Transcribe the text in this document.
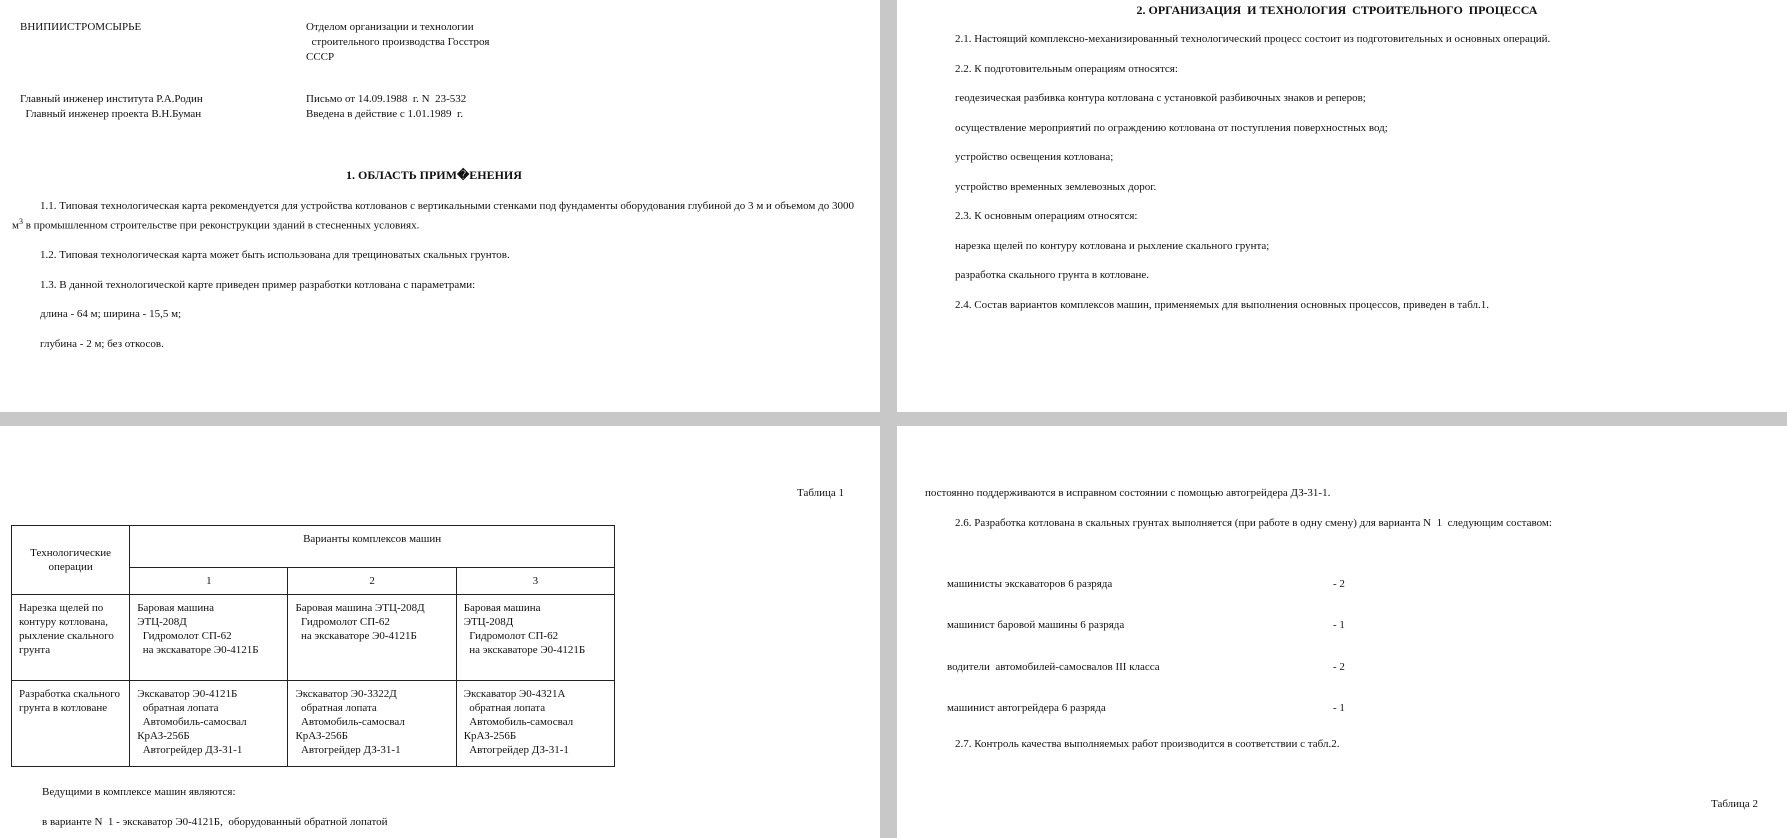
ВНИПИИСТРОМСЫРЬЕ	Отделом организации и технологии
строительного производства Госстроя
СССР
Главный инженер института Р.А.Родин
Главный инженер проекта В.Н.Буман
Письмо от 14.09.1988  г. N  23-532
Введена в действие с 1.01.1989  г.
1. ОБЛАСТЬ ПРИМ�ЕНЕНИЯ
1.1. Типовая технологическая карта рекомендуется для устройства котлованов с вертикальными стенками под фундаменты оборудования глубиной до 3 м и объемом до 3000 $м^3$ в промышленном строительстве при реконструкции зданий в стесненных условиях.
1.2. Типовая технологическая карта может быть использована для трещиноватых скальных грунтов.
1.3. В данной технологической карте приведен пример разработки котлована с параметрами:
длина - 64 м; ширина - 15,5 м;
глубина - 2 м; без откосов.
2. ОРГАНИЗАЦИЯ  И ТЕХНОЛОГИЯ  СТРОИТЕЛЬНОГО  ПРОЦЕССА
2.1. Настоящий комплексно-механизированный технологический процесс состоит из подготовительных и основных операций.
2.2. К подготовительным операциям относятся:
геодезическая разбивка контура котлована с установкой разбивочных знаков и реперов;
осуществление мероприятий по ограждению котлована от поступления поверхностных вод;
устройство освещения котлована;
устройство временных землевозных дорог.
2.3. К основным операциям относятся:
нарезка щелей по контуру котлована и рыхление скального грунта;
разработка скального грунта в котловане.
2.4. Состав вариантов комплексов машин, применяемых для выполнения основных процессов, приведен в табл.1.
Таблица 1
Технологические операции	Варианты комплексов машин		
	1	2	3
Нарезка щелей по контуру котлована, рыхление скального грунта	Баровая машина
ЭТЦ-208Д
Гидромолот СП-62
на экскаваторе Э0-4121Б	Баровая машина ЭТЦ-208Д
Гидромолот СП-62
на экскаваторе Э0-4121Б	Баровая машина
ЭТЦ-208Д
Гидромолот СП-62
на экскаваторе Э0-4121Б

Разработка скального грунта в котловане	Экскаватор Э0-4121Б
обратная лопата
Автомобиль-самосвал
КрАЗ-256Б
Автогрейдер ДЗ-31-1	Экскаватор Э0-3322Д
обратная лопата
Автомобиль-самосвал
КрАЗ-256Б
Автогрейдер ДЗ-31-1	Экскаватор Э0-4321А
обратная лопата
Автомобиль-самосвал
КрАЗ-256Б
Автогрейдер ДЗ-31-1
Ведущими в комплексе машин являются:
в варианте N  1 - экскаватор Э0-4121Б,  оборудованный обратной лопатой
постоянно поддерживаются в исправном состоянии с помощью автогрейдера ДЗ-31-1.
2.6. Разработка котлована в скальных грунтах выполняется (при работе в одну смену) для варианта N  1  следующим составом:
машинисты экскаваторов 6 разряда	- 2
машинист баровой машины 6 разряда	- 1
водители  автомобилей-самосвалов III класса	- 2
машинист автогрейдера 6 разряда	- 1
2.7. Контроль качества выполняемых работ производится в соответствии с табл.2.
Таблица 2
